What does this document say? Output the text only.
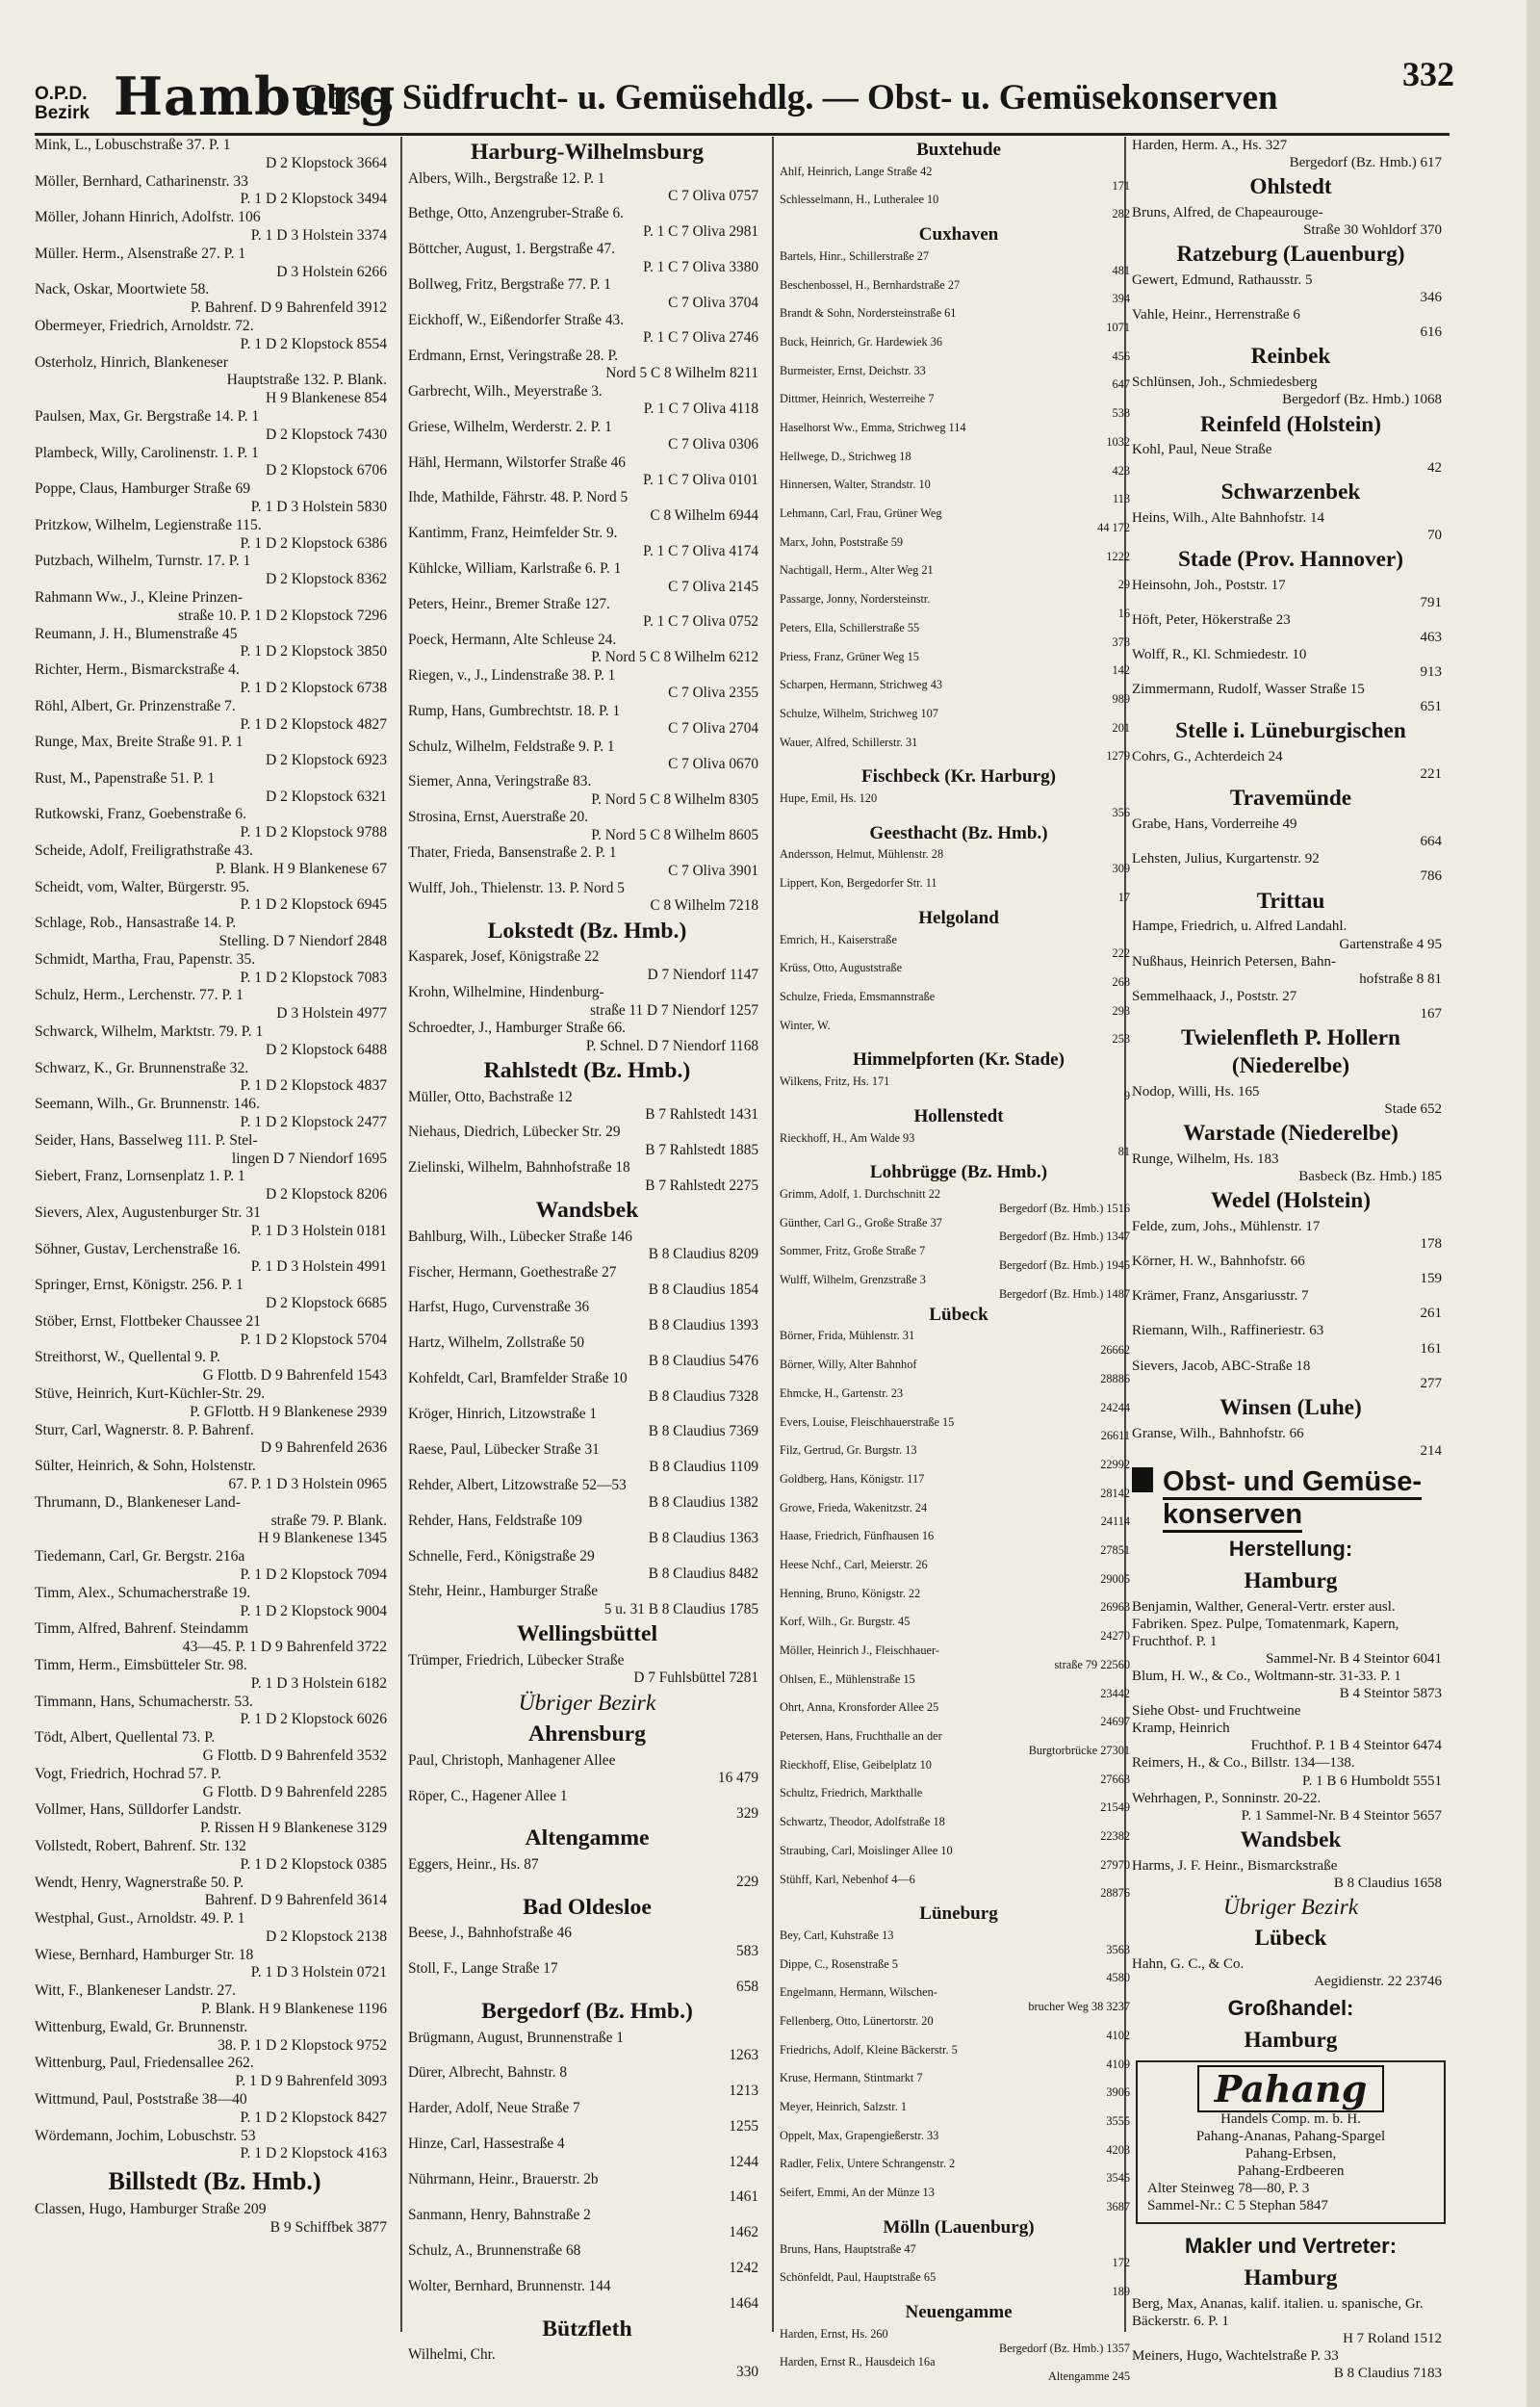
O.P.D.
Bezirk Hamburg
Obst-, Südfrucht- u. Gemüsehdlg. — Obst- u. Gemüsekonserven
332
Mink, L., Lobuschstraße 37. P. 1
D 2 Klopstock 3664
Möller, Bernhard, Catharinenstr. 33
P. 1 D 2 Klopstock 3494
Möller, Johann Hinrich, Adolfstr. 106
P. 1 D 3 Holstein 3374
Müller. Herm., Alsenstraße 27. P. 1
D 3 Holstein 6266
Nack, Oskar, Moortwiete 58.
P. Bahrenf. D 9 Bahrenfeld 3912
Obermeyer, Friedrich, Arnoldstr. 72.
P. 1 D 2 Klopstock 8554
Osterholz, Hinrich, Blankeneser
Hauptstraße 132. P. Blank.
H 9 Blankenese 854
Paulsen, Max, Gr. Bergstraße 14. P. 1
D 2 Klopstock 7430
Plambeck, Willy, Carolinenstr. 1. P. 1
D 2 Klopstock 6706
Poppe, Claus, Hamburger Straße 69
P. 1 D 3 Holstein 5830
Pritzkow, Wilhelm, Legienstraße 115.
P. 1 D 2 Klopstock 6386
Putzbach, Wilhelm, Turnstr. 17. P. 1
D 2 Klopstock 8362
Rahmann Ww., J., Kleine Prinzen-
straße 10. P. 1 D 2 Klopstock 7296
Reumann, J. H., Blumenstraße 45
P. 1 D 2 Klopstock 3850
Richter, Herm., Bismarckstraße 4.
P. 1 D 2 Klopstock 6738
Röhl, Albert, Gr. Prinzenstraße 7.
P. 1 D 2 Klopstock 4827
Runge, Max, Breite Straße 91. P. 1
D 2 Klopstock 6923
Rust, M., Papenstraße 51. P. 1
D 2 Klopstock 6321
Rutkowski, Franz, Goebenstraße 6.
P. 1 D 2 Klopstock 9788
Scheide, Adolf, Freiligrathstraße 43.
P. Blank. H 9 Blankenese 67
Scheidt, vom, Walter, Bürgerstr. 95.
P. 1 D 2 Klopstock 6945
Schlage, Rob., Hansastraße 14. P.
Stelling. D 7 Niendorf 2848
Schmidt, Martha, Frau, Papenstr. 35.
P. 1 D 2 Klopstock 7083
Schulz, Herm., Lerchenstr. 77. P. 1
D 3 Holstein 4977
Schwarck, Wilhelm, Marktstr. 79. P. 1
D 2 Klopstock 6488
Schwarz, K., Gr. Brunnenstraße 32.
P. 1 D 2 Klopstock 4837
Seemann, Wilh., Gr. Brunnenstr. 146.
P. 1 D 2 Klopstock 2477
Seider, Hans, Basselweg 111. P. Stel-
lingen D 7 Niendorf 1695
Siebert, Franz, Lornsenplatz 1. P. 1
D 2 Klopstock 8206
Sievers, Alex, Augustenburger Str. 31
P. 1 D 3 Holstein 0181
Söhner, Gustav, Lerchenstraße 16.
P. 1 D 3 Holstein 4991
Springer, Ernst, Königstr. 256. P. 1
D 2 Klopstock 6685
Stöber, Ernst, Flottbeker Chaussee 21
P. 1 D 2 Klopstock 5704
Streithorst, W., Quellental 9. P.
G Flottb. D 9 Bahrenfeld 1543
Stüve, Heinrich, Kurt-Küchler-Str. 29.
P. GFlottb. H 9 Blankenese 2939
Sturr, Carl, Wagnerstr. 8. P. Bahrenf.
D 9 Bahrenfeld 2636
Sülter, Heinrich, & Sohn, Holstenstr.
67. P. 1 D 3 Holstein 0965
Thrumann, D., Blankeneser Land-
straße 79. P. Blank.
H 9 Blankenese 1345
Tiedemann, Carl, Gr. Bergstr. 216a
P. 1 D 2 Klopstock 7094
Timm, Alex., Schumacherstraße 19.
P. 1 D 2 Klopstock 9004
Timm, Alfred, Bahrenf. Steindamm
43—45. P. 1 D 9 Bahrenfeld 3722
Timm, Herm., Eimsbütteler Str. 98.
P. 1 D 3 Holstein 6182
Timmann, Hans, Schumacherstr. 53.
P. 1 D 2 Klopstock 6026
Tödt, Albert, Quellental 73. P.
G Flottb. D 9 Bahrenfeld 3532
Vogt, Friedrich, Hochrad 57. P.
G Flottb. D 9 Bahrenfeld 2285
Vollmer, Hans, Sülldorfer Landstr.
P. Rissen H 9 Blankenese 3129
Vollstedt, Robert, Bahrenf. Str. 132
P. 1 D 2 Klopstock 0385
Wendt, Henry, Wagnerstraße 50. P.
Bahrenf. D 9 Bahrenfeld 3614
Westphal, Gust., Arnoldstr. 49. P. 1
D 2 Klopstock 2138
Wiese, Bernhard, Hamburger Str. 18
P. 1 D 3 Holstein 0721
Witt, F., Blankeneser Landstr. 27.
P. Blank. H 9 Blankenese 1196
Wittenburg, Ewald, Gr. Brunnenstr.
38. P. 1 D 2 Klopstock 9752
Wittenburg, Paul, Friedensallee 262.
P. 1 D 9 Bahrenfeld 3093
Wittmund, Paul, Poststraße 38—40
P. 1 D 2 Klopstock 8427
Wördemann, Jochim, Lobuschstr. 53
P. 1 D 2 Klopstock 4163
Billstedt (Bz. Hmb.)
Classen, Hugo, Hamburger Straße 209
B 9 Schiffbek 3877
Harburg-Wilhelmsburg
Albers, Wilh., Bergstraße 12. P. 1
C 7 Oliva 0757
Bethge, Otto, Anzengruber-Straße 6.
P. 1 C 7 Oliva 2981
Böttcher, August, 1. Bergstraße 47.
P. 1 C 7 Oliva 3380
Bollweg, Fritz, Bergstraße 77. P. 1
C 7 Oliva 3704
Eickhoff, W., Eißendorfer Straße 43.
P. 1 C 7 Oliva 2746
Erdmann, Ernst, Veringstraße 28. P.
Nord 5 C 8 Wilhelm 8211
Garbrecht, Wilh., Meyerstraße 3.
P. 1 C 7 Oliva 4118
Griese, Wilhelm, Werderstr. 2. P. 1
C 7 Oliva 0306
Hähl, Hermann, Wilstorfer Straße 46
P. 1 C 7 Oliva 0101
Ihde, Mathilde, Fährstr. 48. P. Nord 5
C 8 Wilhelm 6944
Kantimm, Franz, Heimfelder Str. 9.
P. 1 C 7 Oliva 4174
Kühlcke, William, Karlstraße 6. P. 1
C 7 Oliva 2145
Peters, Heinr., Bremer Straße 127.
P. 1 C 7 Oliva 0752
Poeck, Hermann, Alte Schleuse 24.
P. Nord 5 C 8 Wilhelm 6212
Riegen, v., J., Lindenstraße 38. P. 1
C 7 Oliva 2355
Rump, Hans, Gumbrechtstr. 18. P. 1
C 7 Oliva 2704
Schulz, Wilhelm, Feldstraße 9. P. 1
C 7 Oliva 0670
Siemer, Anna, Veringstraße 83.
P. Nord 5 C 8 Wilhelm 8305
Strosina, Ernst, Auerstraße 20.
P. Nord 5 C 8 Wilhelm 8605
Thater, Frieda, Bansenstraße 2. P. 1
C 7 Oliva 3901
Wulff, Joh., Thielenstr. 13. P. Nord 5
C 8 Wilhelm 7218
Lokstedt (Bz. Hmb.)
Kasparek, Josef, Königstraße 22
D 7 Niendorf 1147
Krohn, Wilhelmine, Hindenburg-
straße 11 D 7 Niendorf 1257
Schroedter, J., Hamburger Straße 66.
P. Schnel. D 7 Niendorf 1168
Rahlstedt (Bz. Hmb.)
Müller, Otto, Bachstraße 12
B 7 Rahlstedt 1431
Niehaus, Diedrich, Lübecker Str. 29
B 7 Rahlstedt 1885
Zielinski, Wilhelm, Bahnhofstraße 18
B 7 Rahlstedt 2275
Wandsbek
Bahlburg, Wilh., Lübecker Straße 146
B 8 Claudius 8209
Fischer, Hermann, Goethestraße 27
B 8 Claudius 1854
Harfst, Hugo, Curvenstraße 36
B 8 Claudius 1393
Hartz, Wilhelm, Zollstraße 50
B 8 Claudius 5476
Kohfeldt, Carl, Bramfelder Straße 10
B 8 Claudius 7328
Kröger, Hinrich, Litzowstraße 1
B 8 Claudius 7369
Raese, Paul, Lübecker Straße 31
B 8 Claudius 1109
Rehder, Albert, Litzowstraße 52—53
B 8 Claudius 1382
Rehder, Hans, Feldstraße 109
B 8 Claudius 1363
Schnelle, Ferd., Königstraße 29
B 8 Claudius 8482
Stehr, Heinr., Hamburger Straße
5 u. 31 B 8 Claudius 1785
Wellingsbüttel
Trümper, Friedrich, Lübecker Straße
D 7 Fuhlsbüttel 7281
Übriger Bezirk
Ahrensburg
Paul, Christoph, Manhagener Allee
16 479
Röper, C., Hagener Allee 1
329
Altengamme
Eggers, Heinr., Hs. 87
229
Bad Oldesloe
Beese, J., Bahnhofstraße 46
583
Stoll, F., Lange Straße 17
658
Bergedorf (Bz. Hmb.)
Brügmann, August, Brunnenstraße 1
1263
Dürer, Albrecht, Bahnstr. 8
1213
Harder, Adolf, Neue Straße 7
1255
Hinze, Carl, Hassestraße 4
1244
Nührmann, Heinr., Brauerstr. 2b
1461
Sanmann, Henry, Bahnstraße 2
1462
Schulz, A., Brunnenstraße 68
1242
Wolter, Bernhard, Brunnenstr. 144
1464
Bützfleth
Wilhelmi, Chr.
330
Buxtehude
Ahlf, Heinrich, Lange Straße 42
171
Schlesselmann, H., Lutheralee 10
282
Cuxhaven
Bartels, Hinr., Schillerstraße 27
481
Beschenbossel, H., Bernhardstraße 27
394
Brandt & Sohn, Nordersteinstraße 61
1071
Buck, Heinrich, Gr. Hardewiek 36
456
Burmeister, Ernst, Deichstr. 33
647
Dittmer, Heinrich, Westerreihe 7
538
Haselhorst Ww., Emma, Strichweg 114
1032
Hellwege, D., Strichweg 18
423
Hinnersen, Walter, Strandstr. 10
113
Lehmann, Carl, Frau, Grüner Weg
44 172
Marx, John, Poststraße 59
1222
Nachtigall, Herm., Alter Weg 21
29
Passarge, Jonny, Nordersteinstr.
16
Peters, Ella, Schillerstraße 55
378
Priess, Franz, Grüner Weg 15
142
Scharpen, Hermann, Strichweg 43
989
Schulze, Wilhelm, Strichweg 107
201
Wauer, Alfred, Schillerstr. 31
1279
Fischbeck (Kr. Harburg)
Hupe, Emil, Hs. 120
356
Geesthacht (Bz. Hmb.)
Andersson, Helmut, Mühlenstr. 28
309
Lippert, Kon, Bergedorfer Str. 11
17
Helgoland
Emrich, H., Kaiserstraße
222
Krüss, Otto, Auguststraße
268
Schulze, Frieda, Emsmannstraße
293
Winter, W.
253
Himmelpforten (Kr. Stade)
Wilkens, Fritz, Hs. 171
9
Hollenstedt
Rieckhoff, H., Am Walde 93
81
Lohbrügge (Bz. Hmb.)
Grimm, Adolf, 1. Durchschnitt 22
Bergedorf (Bz. Hmb.) 1516
Günther, Carl G., Große Straße 37
Bergedorf (Bz. Hmb.) 1347
Sommer, Fritz, Große Straße 7
Bergedorf (Bz. Hmb.) 1945
Wulff, Wilhelm, Grenzstraße 3
Bergedorf (Bz. Hmb.) 1487
Lübeck
Börner, Frida, Mühlenstr. 31
26662
Börner, Willy, Alter Bahnhof
28886
Ehmcke, H., Gartenstr. 23
24244
Evers, Louise, Fleischhauerstraße 15
26611
Filz, Gertrud, Gr. Burgstr. 13
22992
Goldberg, Hans, Königstr. 117
28142
Growe, Frieda, Wakenitzstr. 24
24114
Haase, Friedrich, Fünfhausen 16
27851
Heese Nchf., Carl, Meierstr. 26
29005
Henning, Bruno, Königstr. 22
26963
Korf, Wilh., Gr. Burgstr. 45
24270
Möller, Heinrich J., Fleischhauer-
straße 79 22560
Ohlsen, E., Mühlenstraße 15
23442
Ohrt, Anna, Kronsforder Allee 25
24697
Petersen, Hans, Fruchthalle an der
Burgtorbrücke 27301
Rieckhoff, Elise, Geibelplatz 10
27663
Schultz, Friedrich, Markthalle
21549
Schwartz, Theodor, Adolfstraße 18
22382
Straubing, Carl, Moislinger Allee 10
27970
Stühff, Karl, Nebenhof 4—6
28876
Lüneburg
Bey, Carl, Kuhstraße 13
3563
Dippe, C., Rosenstraße 5
4580
Engelmann, Hermann, Wilschen-
brucher Weg 38 3237
Fellenberg, Otto, Lünertorstr. 20
4102
Friedrichs, Adolf, Kleine Bäckerstr. 5
4109
Kruse, Hermann, Stintmarkt 7
3906
Meyer, Heinrich, Salzstr. 1
3555
Oppelt, Max, Grapengießerstr. 33
4203
Radler, Felix, Untere Schrangenstr. 2
3545
Seifert, Emmi, An der Münze 13
3687
Mölln (Lauenburg)
Bruns, Hans, Hauptstraße 47
172
Schönfeldt, Paul, Hauptstraße 65
189
Neuengamme
Harden, Ernst, Hs. 260
Bergedorf (Bz. Hmb.) 1357
Harden, Ernst R., Hausdeich 16a
Altengamme 245
Harden, Herm. A., Hs. 327
Bergedorf (Bz. Hmb.) 617
Ohlstedt
Bruns, Alfred, de Chapeaurouge-
Straße 30 Wohldorf 370
Ratzeburg (Lauenburg)
Gewert, Edmund, Rathausstr. 5
346
Vahle, Heinr., Herrenstraße 6
616
Reinbek
Schlünsen, Joh., Schmiedesberg
Bergedorf (Bz. Hmb.) 1068
Reinfeld (Holstein)
Kohl, Paul, Neue Straße
42
Schwarzenbek
Heins, Wilh., Alte Bahnhofstr. 14
70
Stade (Prov. Hannover)
Heinsohn, Joh., Poststr. 17
791
Höft, Peter, Hökerstraße 23
463
Wolff, R., Kl. Schmiedestr. 10
913
Zimmermann, Rudolf, Wasser Straße 15
651
Stelle i. Lüneburgischen
Cohrs, G., Achterdeich 24
221
Travemünde
Grabe, Hans, Vorderreihe 49
664
Lehsten, Julius, Kurgartenstr. 92
786
Trittau
Hampe, Friedrich, u. Alfred Landahl.
Gartenstraße 4 95
Nußhaus, Heinrich Petersen, Bahn-
hofstraße 8 81
Semmelhaack, J., Poststr. 27
167
Twielenfleth P. Hollern (Niederelbe)
Nodop, Willi, Hs. 165
Stade 652
Warstade (Niederelbe)
Runge, Wilhelm, Hs. 183
Basbeck (Bz. Hmb.) 185
Wedel (Holstein)
Felde, zum, Johs., Mühlenstr. 17
178
Körner, H. W., Bahnhofstr. 66
159
Krämer, Franz, Ansgariusstr. 7
261
Riemann, Wilh., Raffineriestr. 63
161
Sievers, Jacob, ABC-Straße 18
277
Winsen (Luhe)
Granse, Wilh., Bahnhofstr. 66
214
Obst- und Gemüse-
konserven
Herstellung:
Hamburg
Benjamin, Walther, General-Vertr. erster ausl. Fabriken. Spez. Pulpe, Tomatenmark, Kapern, Fruchthof. P. 1
Sammel-Nr. B 4 Steintor 6041
Blum, H. W., & Co., Woltmann-str. 31-33. P. 1
B 4 Steintor 5873
Siehe Obst- und Fruchtweine
Kramp, Heinrich
Fruchthof. P. 1 B 4 Steintor 6474
Reimers, H., & Co., Billstr. 134—138.
P. 1 B 6 Humboldt 5551
Wehrhagen, P., Sonninstr. 20-22.
P. 1 Sammel-Nr. B 4 Steintor 5657
Wandsbek
Harms, J. F. Heinr., Bismarckstraße
B 8 Claudius 1658
Übriger Bezirk
Lübeck
Hahn, G. C., & Co.
Aegidienstr. 22 23746
Großhandel:
Hamburg
Pahang
Handels Comp. m. b. H.
Pahang-Ananas, Pahang-Spargel
Pahang-Erbsen,
Pahang-Erdbeeren
Alter Steinweg 78—80, P. 3
Sammel-Nr.: C 5 Stephan 5847
Makler und Vertreter:
Hamburg
Berg, Max, Ananas, kalif. italien. u. spanische, Gr. Bäckerstr. 6. P. 1
H 7 Roland 1512
Meiners, Hugo, Wachtelstraße P. 33
B 8 Claudius 7183
